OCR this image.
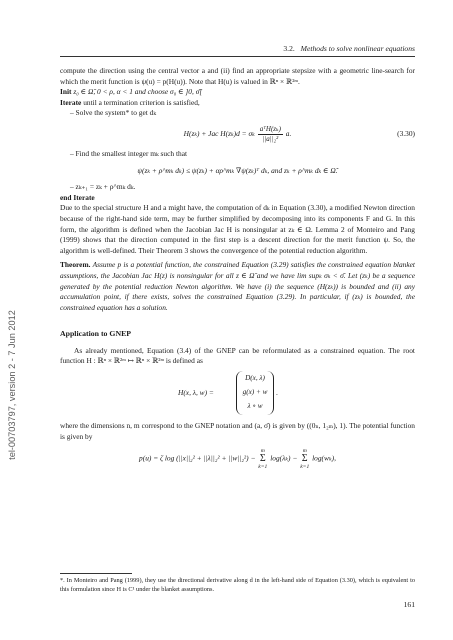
tel-00703797, version 2 - 7 Jun 2012
3.2. Methods to solve nonlinear equations

compute the direction using the central vector a and (ii) find an appropriate stepsize with a geometric line-search for which the merit function is ψ(u) = p(H(u)). Note that H(u) is valued in ℝⁿ × ℝ²ᵐ.

Init z₀ ∈ Ω̃, 0 < ρ, α < 1 and choose σ₀ ∈ ]0, σ̄[

Iterate until a termination criterion is satisfied,

– Solve the system* to get dₖ

H(zₖ) + Jac H(zₖ)d = σₖ $\frac{\text{aᵀH(zₖ)}}{\text{||a||₂²}} a$.	(3.30)

– Find the smallest integer mₖ such that

ψ(zₖ + ρ^mₖ dₖ) ≤ ψ(zₖ) + αρ^mₖ ∇ψ(zₖ)ᵀ dₖ, and zₖ + ρ^mₖ dₖ ∈ Ω̃.

– zₖ₊₁ = zₖ + ρ^mₖ dₖ.

end Iterate

Due to the special structure H and a might have, the computation of dₖ in Equation (3.30), a modified Newton direction because of the right-hand side term, may be further simplified by decomposing into its components F and G. In this form, the algorithm is defined when the Jacobian Jac H is nonsingular at zₖ ∈ Ω. Lemma 2 of Monteiro and Pang (1999) shows that the direction computed in the first step is a descent direction for the merit function ψ. So, the algorithm is well-defined. Their Theorem 3 shows the convergence of the potential reduction algorithm.

Theorem. Assume p is a potential function, the constrained Equation (3.29) satisfies the constrained equation blanket assumptions, the Jacobian Jac H(z) is nonsingular for all z ∈ Ω̃ and we have lim supₖ σₖ < σ̄. Let (zₖ) be a sequence generated by the potential reduction Newton algorithm. We have (i) the sequence (H(zₖ)) is bounded and (ii) any accumulation point, if there exists, solves the constrained Equation (3.29). In particular, if (zₖ) is bounded, the constrained equation has a solution.

Application to GNEP

As already mentioned, Equation (3.4) of the GNEP can be reformulated as a constrained equation. The root function H : ℝⁿ × ℝ²ᵐ ↦ ℝⁿ × ℝ²ᵐ is defined as

H(x, λ, w) =
D(x, λ)
g(x) + w
λ ∘ w
.

where the dimensions n, m correspond to the GNEP notation and (a, σ̄) is given by ((0ₙ, 1₂ₘ), 1). The potential function is given by

p(u) = ζ log (||x||₂² + ||λ||₂² + ||w||₂²) − m
Σ
k=1 log(λₖ) − m
Σ
k=1 log(wₖ),
*. In Monteiro and Pang (1999), they use the directional derivative along d in the left-hand side of Equation (3.30), which is equivalent to this formulation since H is C¹ under the blanket assumptions.
161
